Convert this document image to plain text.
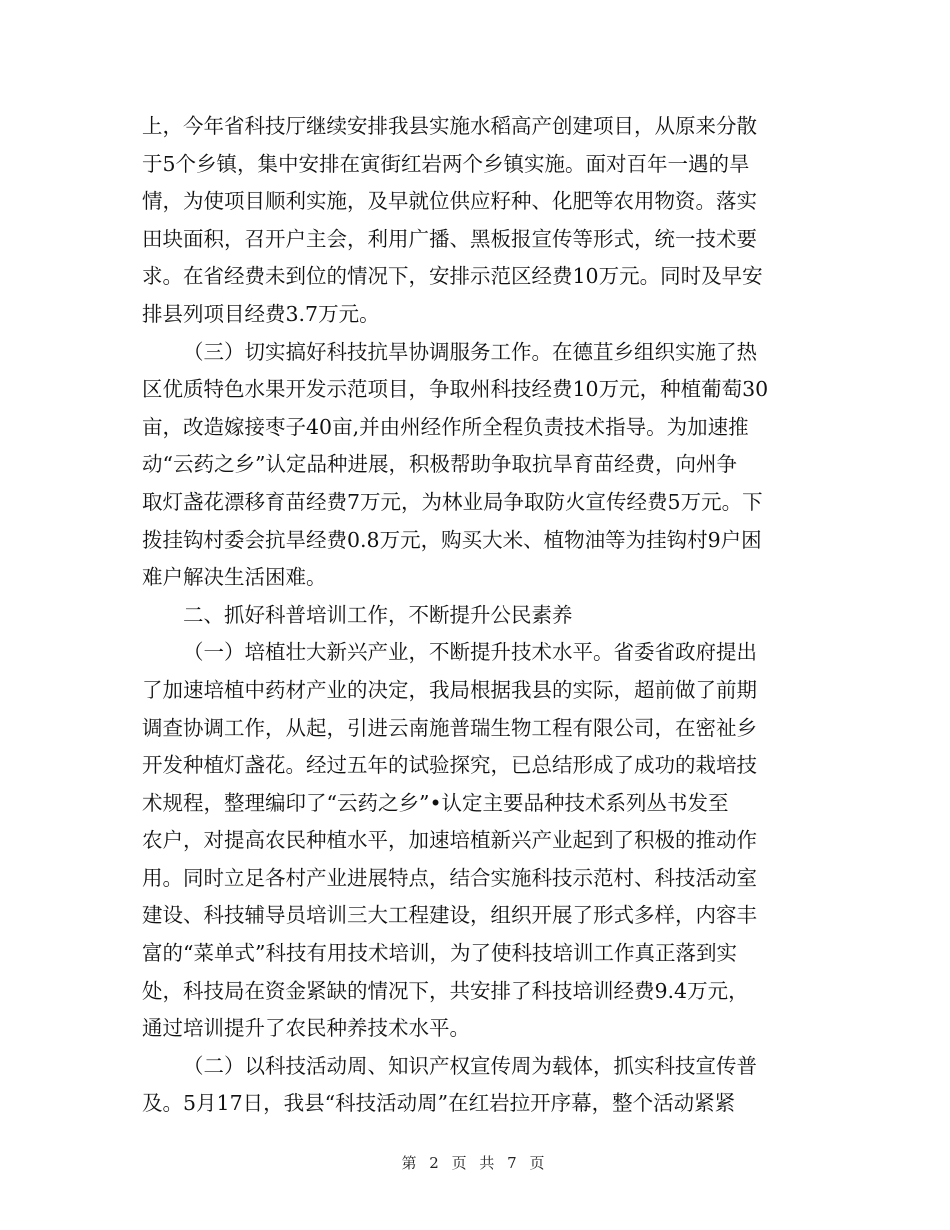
上，今年省科技厅继续安排我县实施水稻高产创建项目，从原来分散
于5个乡镇，集中安排在寅街红岩两个乡镇实施。面对百年一遇的旱
情，为使项目顺利实施，及早就位供应籽种、化肥等农用物资。落实
田块面积，召开户主会，利用广播、黑板报宣传等形式，统一技术要
求。在省经费未到位的情况下，安排示范区经费10万元。同时及早安
排县列项目经费3.7万元。
（三）切实搞好科技抗旱协调服务工作。在德苴乡组织实施了热
区优质特色水果开发示范项目，争取州科技经费10万元，种植葡萄30
亩，改造嫁接枣子40亩,并由州经作所全程负责技术指导。为加速推
动“云药之乡”认定品种进展，积极帮助争取抗旱育苗经费，向州争
取灯盏花漂移育苗经费7万元，为林业局争取防火宣传经费5万元。下
拨挂钩村委会抗旱经费0.8万元，购买大米、植物油等为挂钩村9户困
难户解决生活困难。
二、抓好科普培训工作，不断提升公民素养
（一）培植壮大新兴产业，不断提升技术水平。省委省政府提出
了加速培植中药材产业的决定，我局根据我县的实际，超前做了前期
调查协调工作，从起，引进云南施普瑞生物工程有限公司，在密祉乡
开发种植灯盏花。经过五年的试验探究，已总结形成了成功的栽培技
术规程，整理编印了“云药之乡”•认定主要品种技术系列丛书发至
农户，对提高农民种植水平，加速培植新兴产业起到了积极的推动作
用。同时立足各村产业进展特点，结合实施科技示范村、科技活动室
建设、科技辅导员培训三大工程建设，组织开展了形式多样，内容丰
富的“菜单式”科技有用技术培训，为了使科技培训工作真正落到实
处，科技局在资金紧缺的情况下，共安排了科技培训经费9.4万元，
通过培训提升了农民种养技术水平。
（二）以科技活动周、知识产权宣传周为载体，抓实科技宣传普
及。5月17日，我县“科技活动周”在红岩拉开序幕，整个活动紧紧
第 2 页 共 7 页
